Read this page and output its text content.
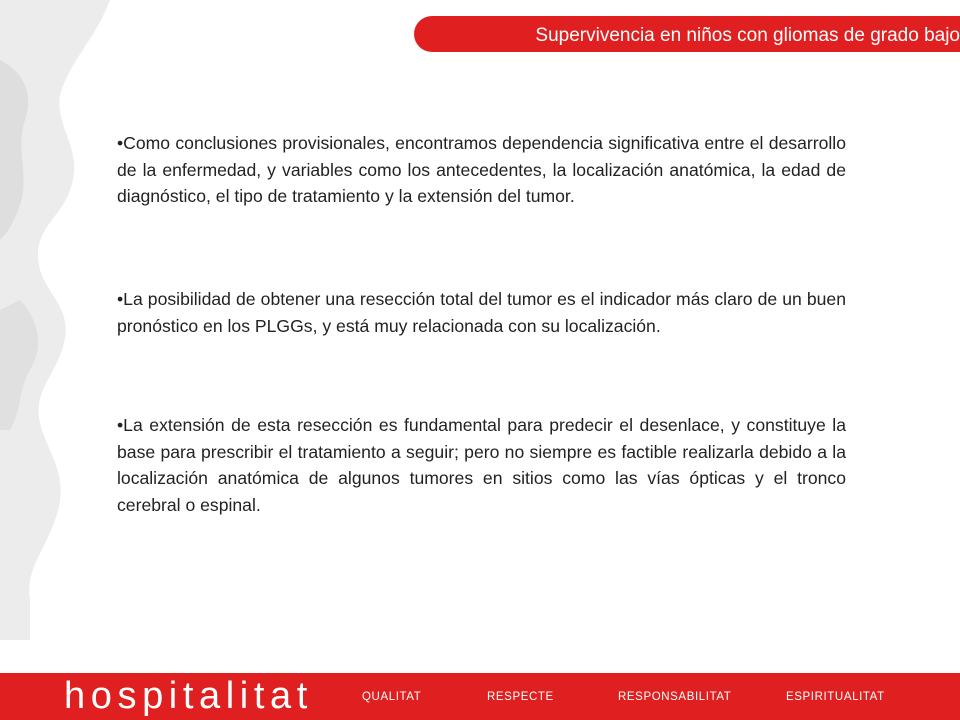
Supervivencia en niños con gliomas de grado bajo

•Como conclusiones provisionales, encontramos dependencia significativa entre el desarrollo de la enfermedad, y variables como los antecedentes, la localización anatómica, la edad de diagnóstico, el tipo de tratamiento y la extensión del tumor.

•La posibilidad de obtener una resección total del tumor es el indicador más claro de un buen pronóstico en los PLGGs, y está muy relacionada con su localización.

•La extensión de esta resección es fundamental para predecir el desenlace, y constituye la base para prescribir el tratamiento a seguir; pero no siempre es factible realizarla debido a la localización anatómica de algunos tumores en sitios como las vías ópticas y el tronco cerebral o espinal.

hospitalitat	QUALITAT	RESPECTE	RESPONSABILITAT	ESPIRITUALITAT
